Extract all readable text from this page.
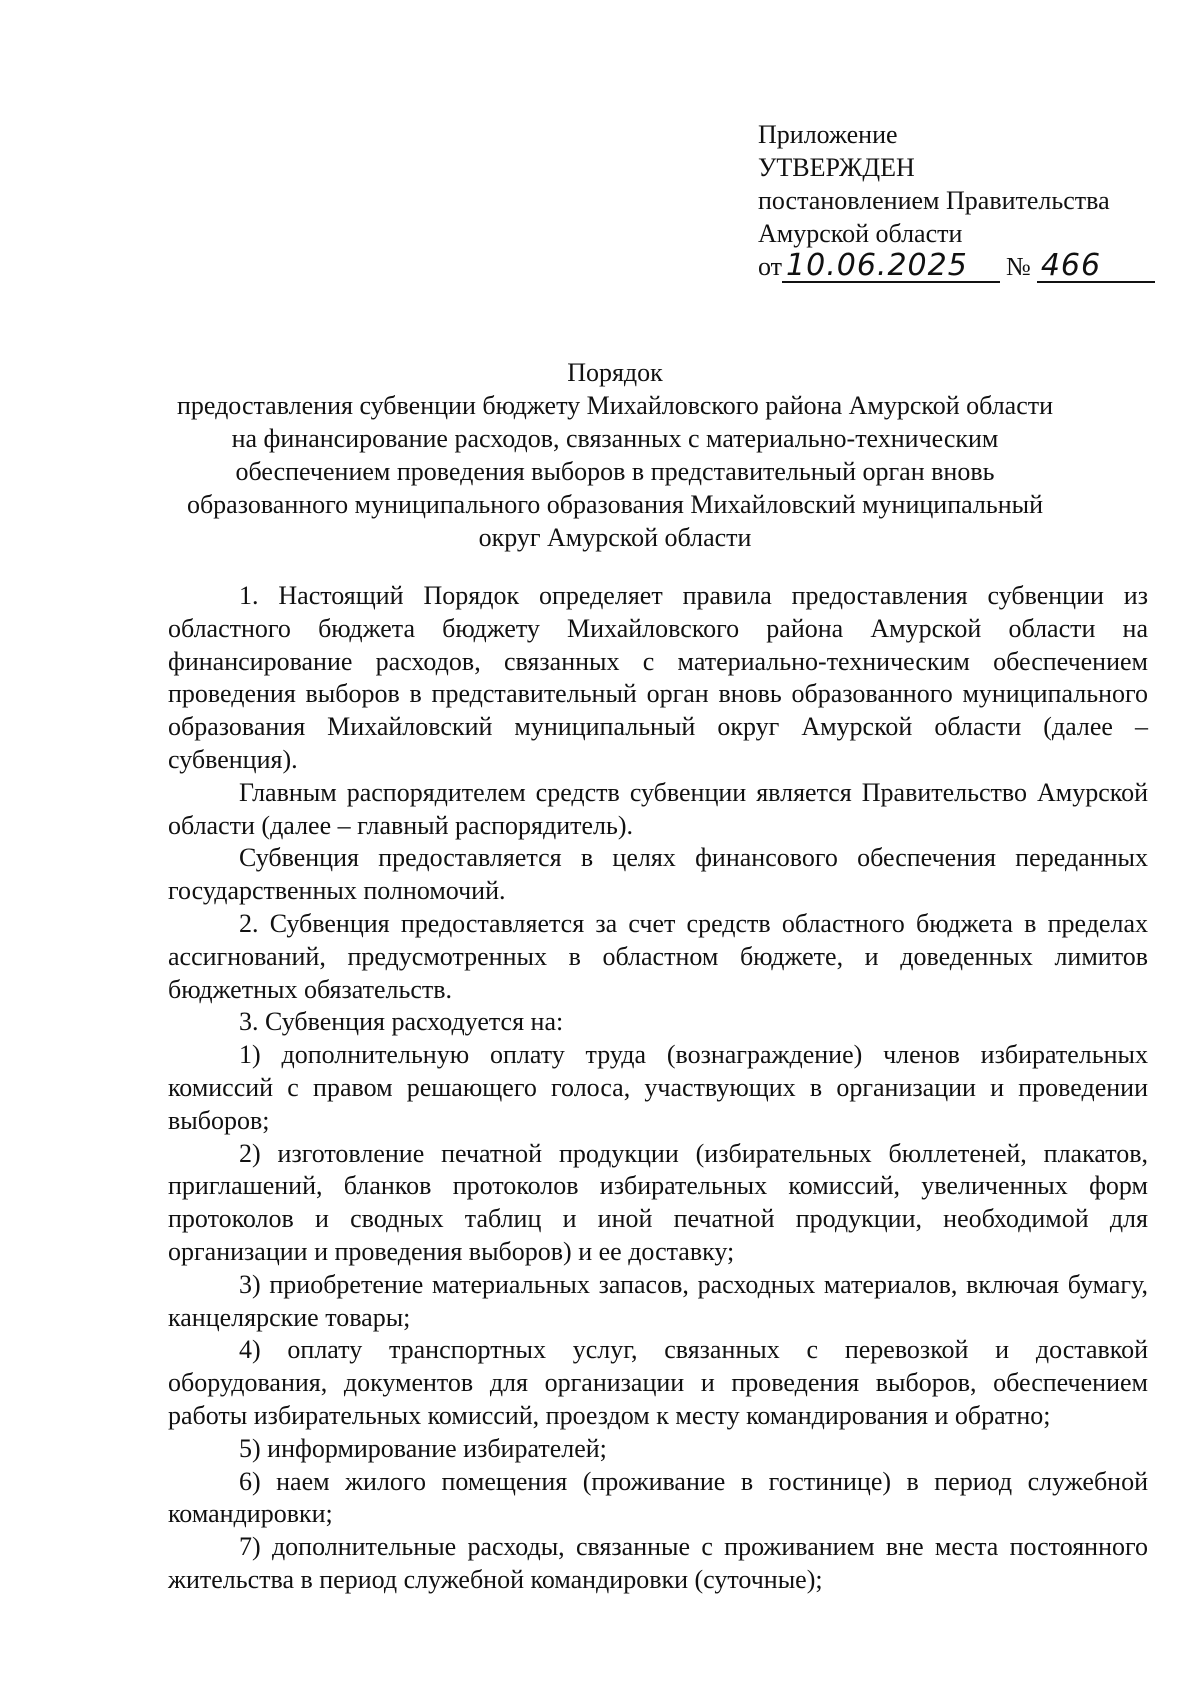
Приложение
УТВЕРЖДЕН
постановлением Правительства
Амурской области
от 10.06.2025	№ 466
Порядок
предоставления субвенции бюджету Михайловского района Амурской области
на финансирование расходов, связанных с материально-техническим
обеспечением проведения выборов в представительный орган вновь
образованного муниципального образования Михайловский муниципальный
округ Амурской области

1. Настоящий Порядок определяет правила предоставления субвенции из областного бюджета бюджету Михайловского района Амурской области на финансирование расходов, связанных с материально-техническим обеспечением проведения выборов в представительный орган вновь образованного муниципального образования Михайловский муниципальный округ Амурской области (далее – субвенция).

Главным распорядителем средств субвенции является Правительство Амурской области (далее – главный распорядитель).

Субвенция предоставляется в целях финансового обеспечения переданных государственных полномочий.

2. Субвенция предоставляется за счет средств областного бюджета в пределах ассигнований, предусмотренных в областном бюджете, и доведенных лимитов бюджетных обязательств.

3. Субвенция расходуется на:

1) дополнительную оплату труда (вознаграждение) членов избирательных комиссий с правом решающего голоса, участвующих в организации и проведении выборов;

2) изготовление печатной продукции (избирательных бюллетеней, плакатов, приглашений, бланков протоколов избирательных комиссий, увеличенных форм протоколов и сводных таблиц и иной печатной продукции, необходимой для организации и проведения выборов) и ее доставку;

3) приобретение материальных запасов, расходных материалов, включая бумагу, канцелярские товары;

4) оплату транспортных услуг, связанных с перевозкой и доставкой оборудования, документов для организации и проведения выборов, обеспечением работы избирательных комиссий, проездом к месту командирования и обратно;

5) информирование избирателей;

6) наем жилого помещения (проживание в гостинице) в период служебной командировки;

7) дополнительные расходы, связанные с проживанием вне места постоянного жительства в период служебной командировки (суточные);
